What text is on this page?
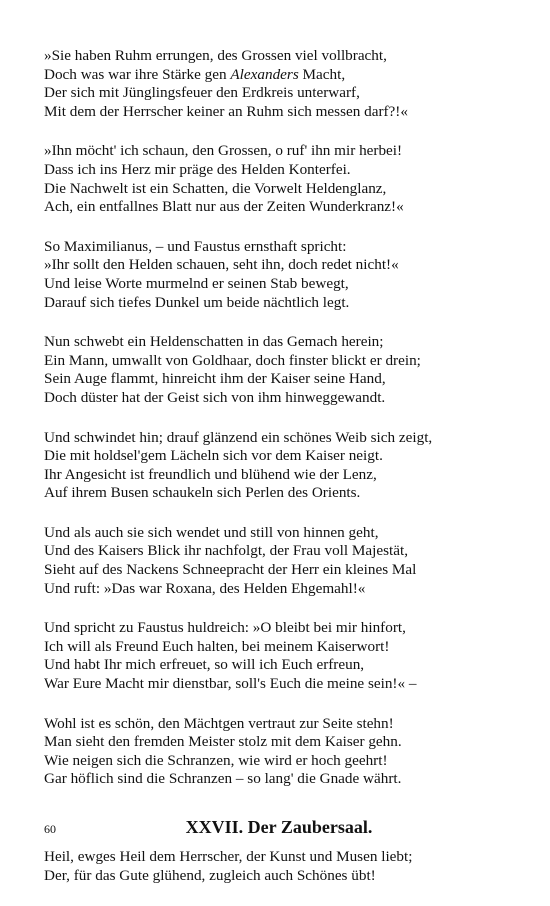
»Sie haben Ruhm errungen, des Grossen viel vollbracht,
Doch was war ihre Stärke gen Alexanders Macht,
Der sich mit Jünglingsfeuer den Erdkreis unterwarf,
Mit dem der Herrscher keiner an Ruhm sich messen darf?!«
»Ihn möcht' ich schaun, den Grossen, o ruf' ihn mir herbei!
Dass ich ins Herz mir präge des Helden Konterfei.
Die Nachwelt ist ein Schatten, die Vorwelt Heldenglanz,
Ach, ein entfallnes Blatt nur aus der Zeiten Wunderkranz!«
So Maximilianus, – und Faustus ernsthaft spricht:
»Ihr sollt den Helden schauen, seht ihn, doch redet nicht!«
Und leise Worte murmelnd er seinen Stab bewegt,
Darauf sich tiefes Dunkel um beide nächtlich legt.
Nun schwebt ein Heldenschatten in das Gemach herein;
Ein Mann, umwallt von Goldhaar, doch finster blickt er drein;
Sein Auge flammt, hinreicht ihm der Kaiser seine Hand,
Doch düster hat der Geist sich von ihm hinweggewandt.
Und schwindet hin; drauf glänzend ein schönes Weib sich zeigt,
Die mit holdsel'gem Lächeln sich vor dem Kaiser neigt.
Ihr Angesicht ist freundlich und blühend wie der Lenz,
Auf ihrem Busen schaukeln sich Perlen des Orients.
Und als auch sie sich wendet und still von hinnen geht,
Und des Kaisers Blick ihr nachfolgt, der Frau voll Majestät,
Sieht auf des Nackens Schneepracht der Herr ein kleines Mal
Und ruft: »Das war Roxana, des Helden Ehgemahl!«
Und spricht zu Faustus huldreich: »O bleibt bei mir hinfort,
Ich will als Freund Euch halten, bei meinem Kaiserwort!
Und habt Ihr mich erfreuet, so will ich Euch erfreun,
War Eure Macht mir dienstbar, soll's Euch die meine sein!« –
Wohl ist es schön, den Mächtgen vertraut zur Seite stehn!
Man sieht den fremden Meister stolz mit dem Kaiser gehn.
Wie neigen sich die Schranzen, wie wird er hoch geehrt!
Gar höflich sind die Schranzen – so lang' die Gnade währt.
XXVII. Der Zaubersaal.
Heil, ewges Heil dem Herrscher, der Kunst und Musen liebt;
Der, für das Gute glühend, zugleich auch Schönes übt!
60
